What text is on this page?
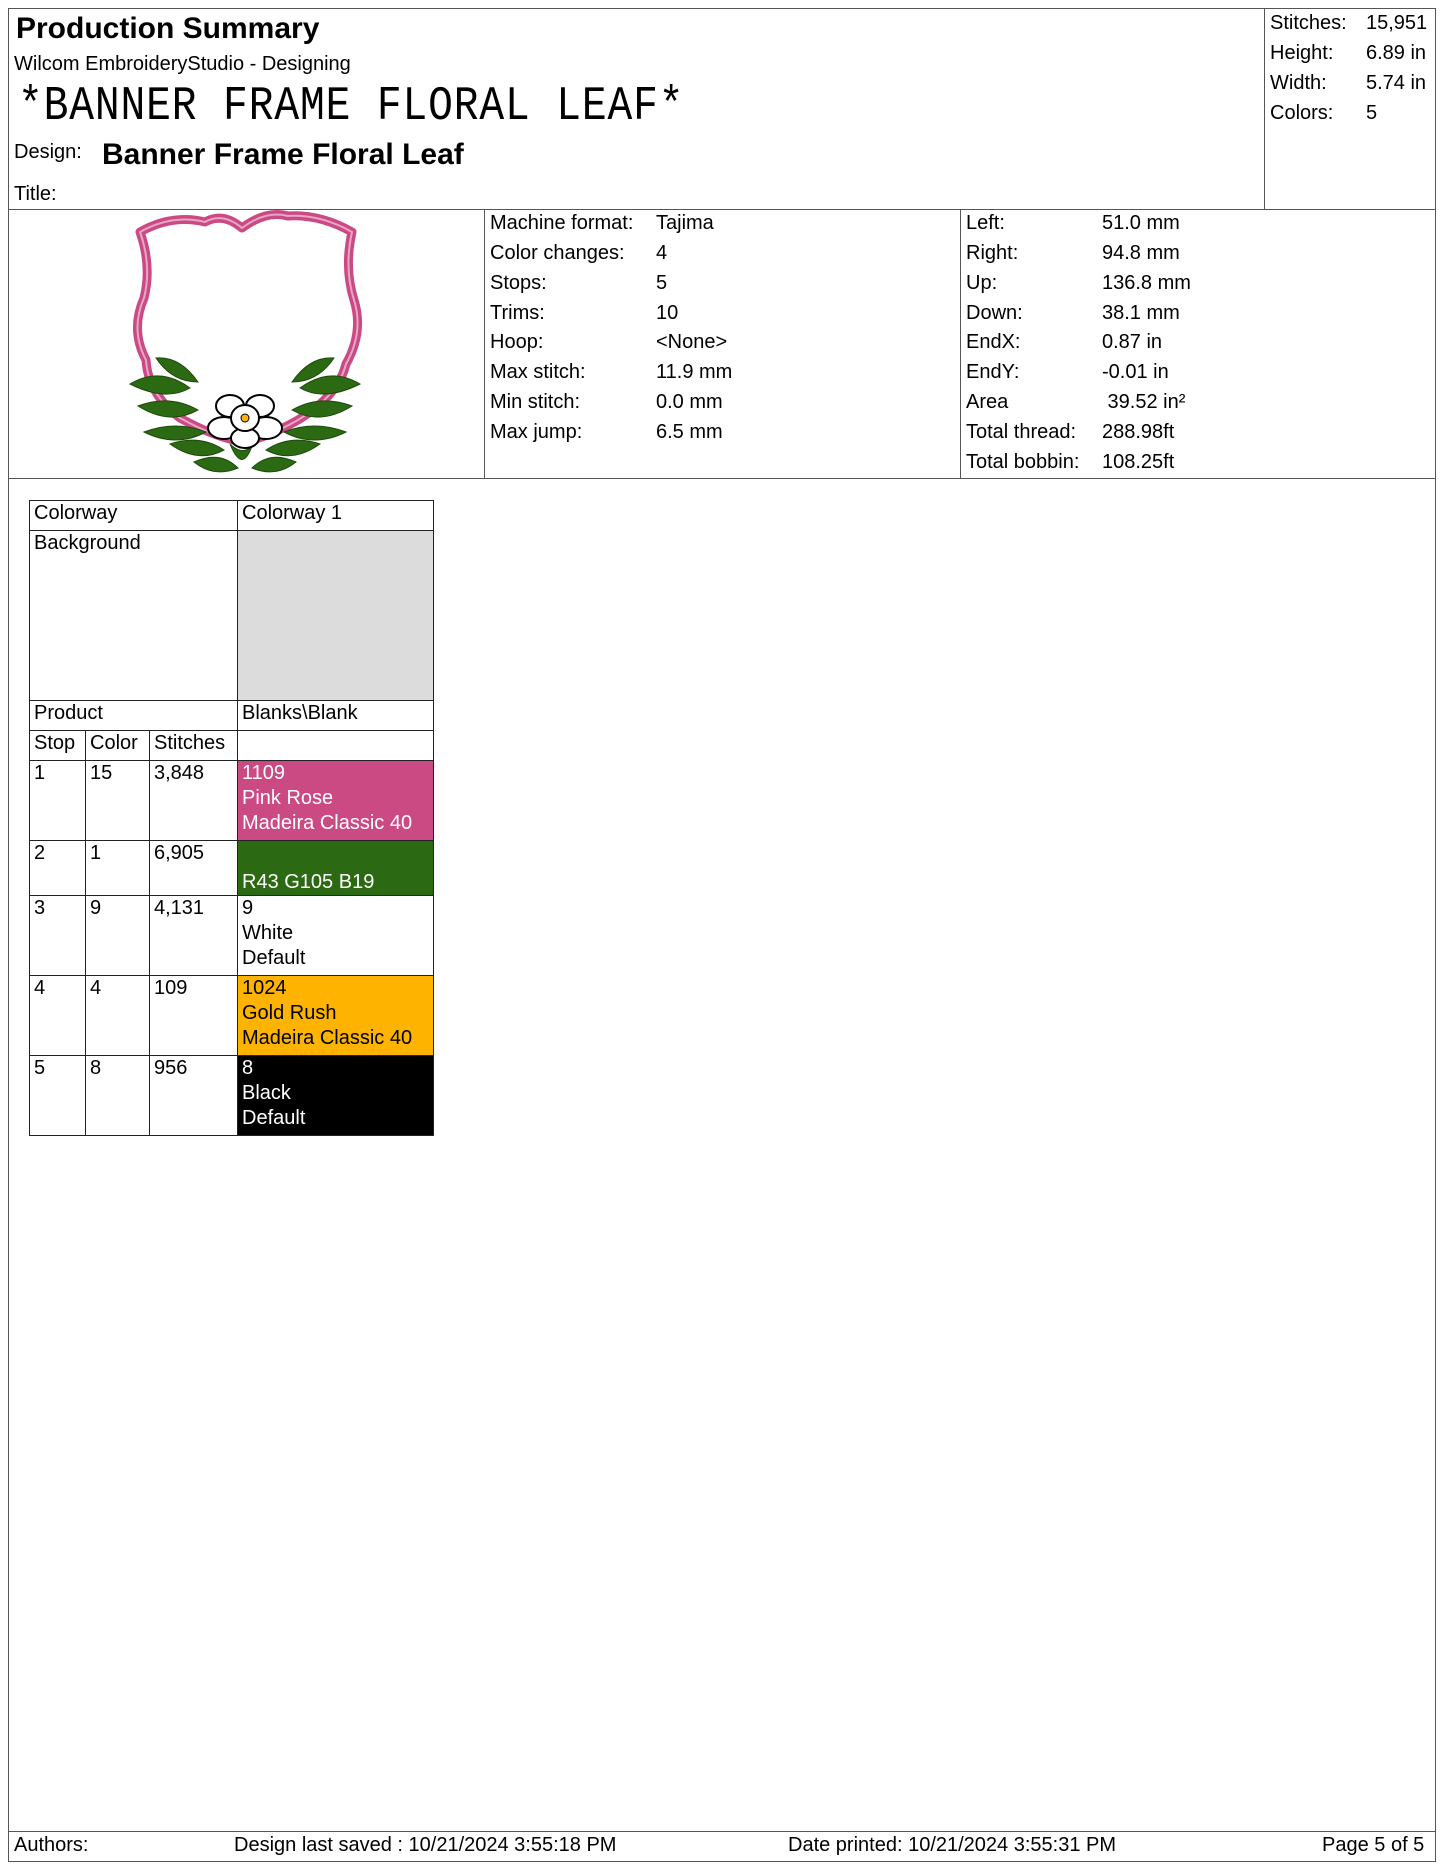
Production Summary
Wilcom EmbroideryStudio - Designing
*BANNER FRAME FLORAL LEAF*
Design: Banner Frame Floral Leaf
Title:
Stitches: 15,951
Height: 6.89 in
Width: 5.74 in
Colors: 5
Machine format: Tajima
Color changes: 4
Stops:	5
Trims:	10
Hoop:	<None>
Max stitch:	11.9 mm
Min stitch:	0.0 mm
Max jump:	6.5 mm
Left:	51.0 mm
Right:	94.8 mm
Up:	136.8 mm
Down:	38.1 mm
EndX:	0.87 in
EndY:	-0.01 in
Area	39.52 in²
Total thread: 288.98ft
Total bobbin: 108.25ft
Colorway			Colorway 1
Background			
Product			Blanks\Blank
Stop	Color	Stitches	
1	15	3,848	1109
Pink Rose
Madeira Classic 40

2	1	6,905	R43 G105 B19

3	9	4,131	9
White
Default

4	4	109	1024
Gold Rush
Madeira Classic 40

5	8	956	8
Black
Default
Authors:	Design last saved : 10/21/2024 3:55:18 PM	Date printed: 10/21/2024 3:55:31 PM	Page 5 of 5
